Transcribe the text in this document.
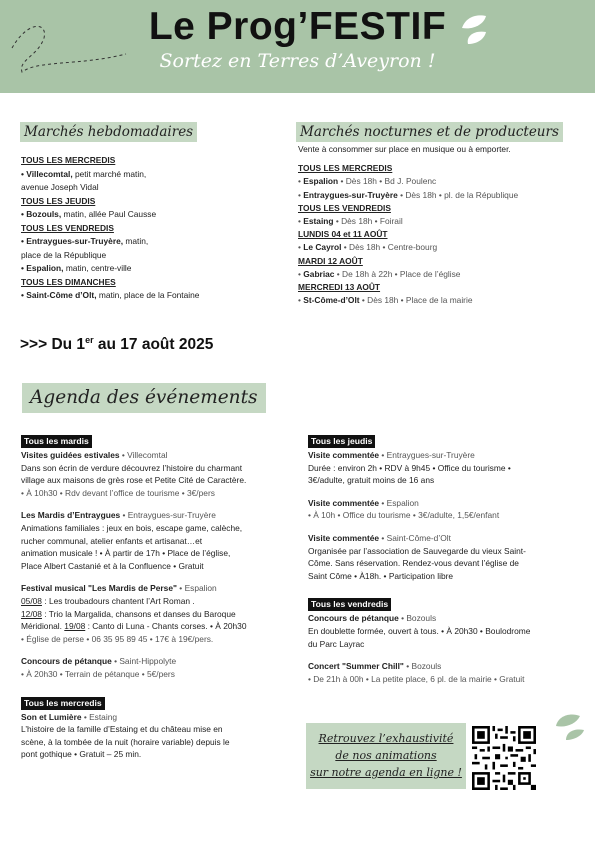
Le Prog’FESTIF
Sortez en Terres d’Aveyron !
Marchés hebdomadaires
TOUS LES MERCREDIS
• Villecomtal, petit marché matin,
avenue Joseph Vidal
TOUS LES JEUDIS
• Bozouls, matin, allée Paul Causse
TOUS LES VENDREDIS
• Entraygues-sur-Truyère, matin,
place de la République
• Espalion, matin, centre-ville
TOUS LES DIMANCHES
• Saint-Côme d’Olt, matin, place de la Fontaine
Marchés nocturnes et de producteurs
Vente à consommer sur place en musique ou à emporter.
TOUS LES MERCREDIS
• Espalion • Dès 18h • Bd J. Poulenc
• Entraygues-sur-Truyère • Dès 18h • pl. de la République
TOUS LES VENDREDIS
• Estaing • Dès 18h • Foirail
LUNDIS 04 et 11 AOÛT
• Le Cayrol • Dès 18h • Centre-bourg
MARDI 12 AOÛT
• Gabriac • De 18h à 22h • Place de l’église
MERCREDI 13 AOÛT
• St-Côme-d’Olt • Dès 18h • Place de la mairie
>>> Du 1er au 17 août 2025
Agenda des événements
Tous les mardis
Visites guidées estivales • Villecomtal
Dans son écrin de verdure découvrez l’histoire du charmant
village aux maisons de grès rose et Petite Cité de Caractère.
• À 10h30 • Rdv devant l’office de tourisme • 3€/pers
Les Mardis d’Entraygues • Entraygues-sur-Truyère
Animations familiales : jeux en bois, escape game, calèche,
rucher communal, atelier enfants et artisanat…et
animation musicale ! • À partir de 17h • Place de l’église,
Place Albert Castanié et à la Confluence • Gratuit
Festival musical "Les Mardis de Perse" • Espalion
05/08 : Les troubadours chantent l’Art Roman .
12/08 : Trio la Margalida, chansons et danses du Baroque
Méridional. 19/08 : Canto di Luna - Chants corses. • À 20h30
• Église de perse • 06 35 95 89 45 • 17€ à 19€/pers.
Concours de pétanque • Saint-Hippolyte
• À 20h30 • Terrain de pétanque • 5€/pers
Tous les mercredis
Son et Lumière • Estaing
L’histoire de la famille d’Estaing et du château mise en
scène, à la tombée de la nuit (horaire variable) depuis le
pont gothique • Gratuit – 25 min.
Tous les jeudis
Visite commentée • Entraygues-sur-Truyère
Durée : environ 2h • RDV à 9h45 • Office du tourisme •
3€/adulte, gratuit moins de 16 ans
Visite commentée • Espalion
• À 10h • Office du tourisme • 3€/adulte, 1,5€/enfant
Visite commentée • Saint-Côme-d’Olt
Organisée par l’association de Sauvegarde du vieux Saint-
Côme. Sans réservation. Rendez-vous devant l’église de
Saint Côme • À18h. • Participation libre
Tous les vendredis
Concours de pétanque • Bozouls
En doublette formée, ouvert à tous. • À 20h30 • Boulodrome
du Parc Layrac
Concert "Summer Chill" • Bozouls
• De 21h à 00h • La petite place, 6 pl. de la mairie • Gratuit
Retrouvez l’exhaustivité
de nos animations
sur notre agenda en ligne !
